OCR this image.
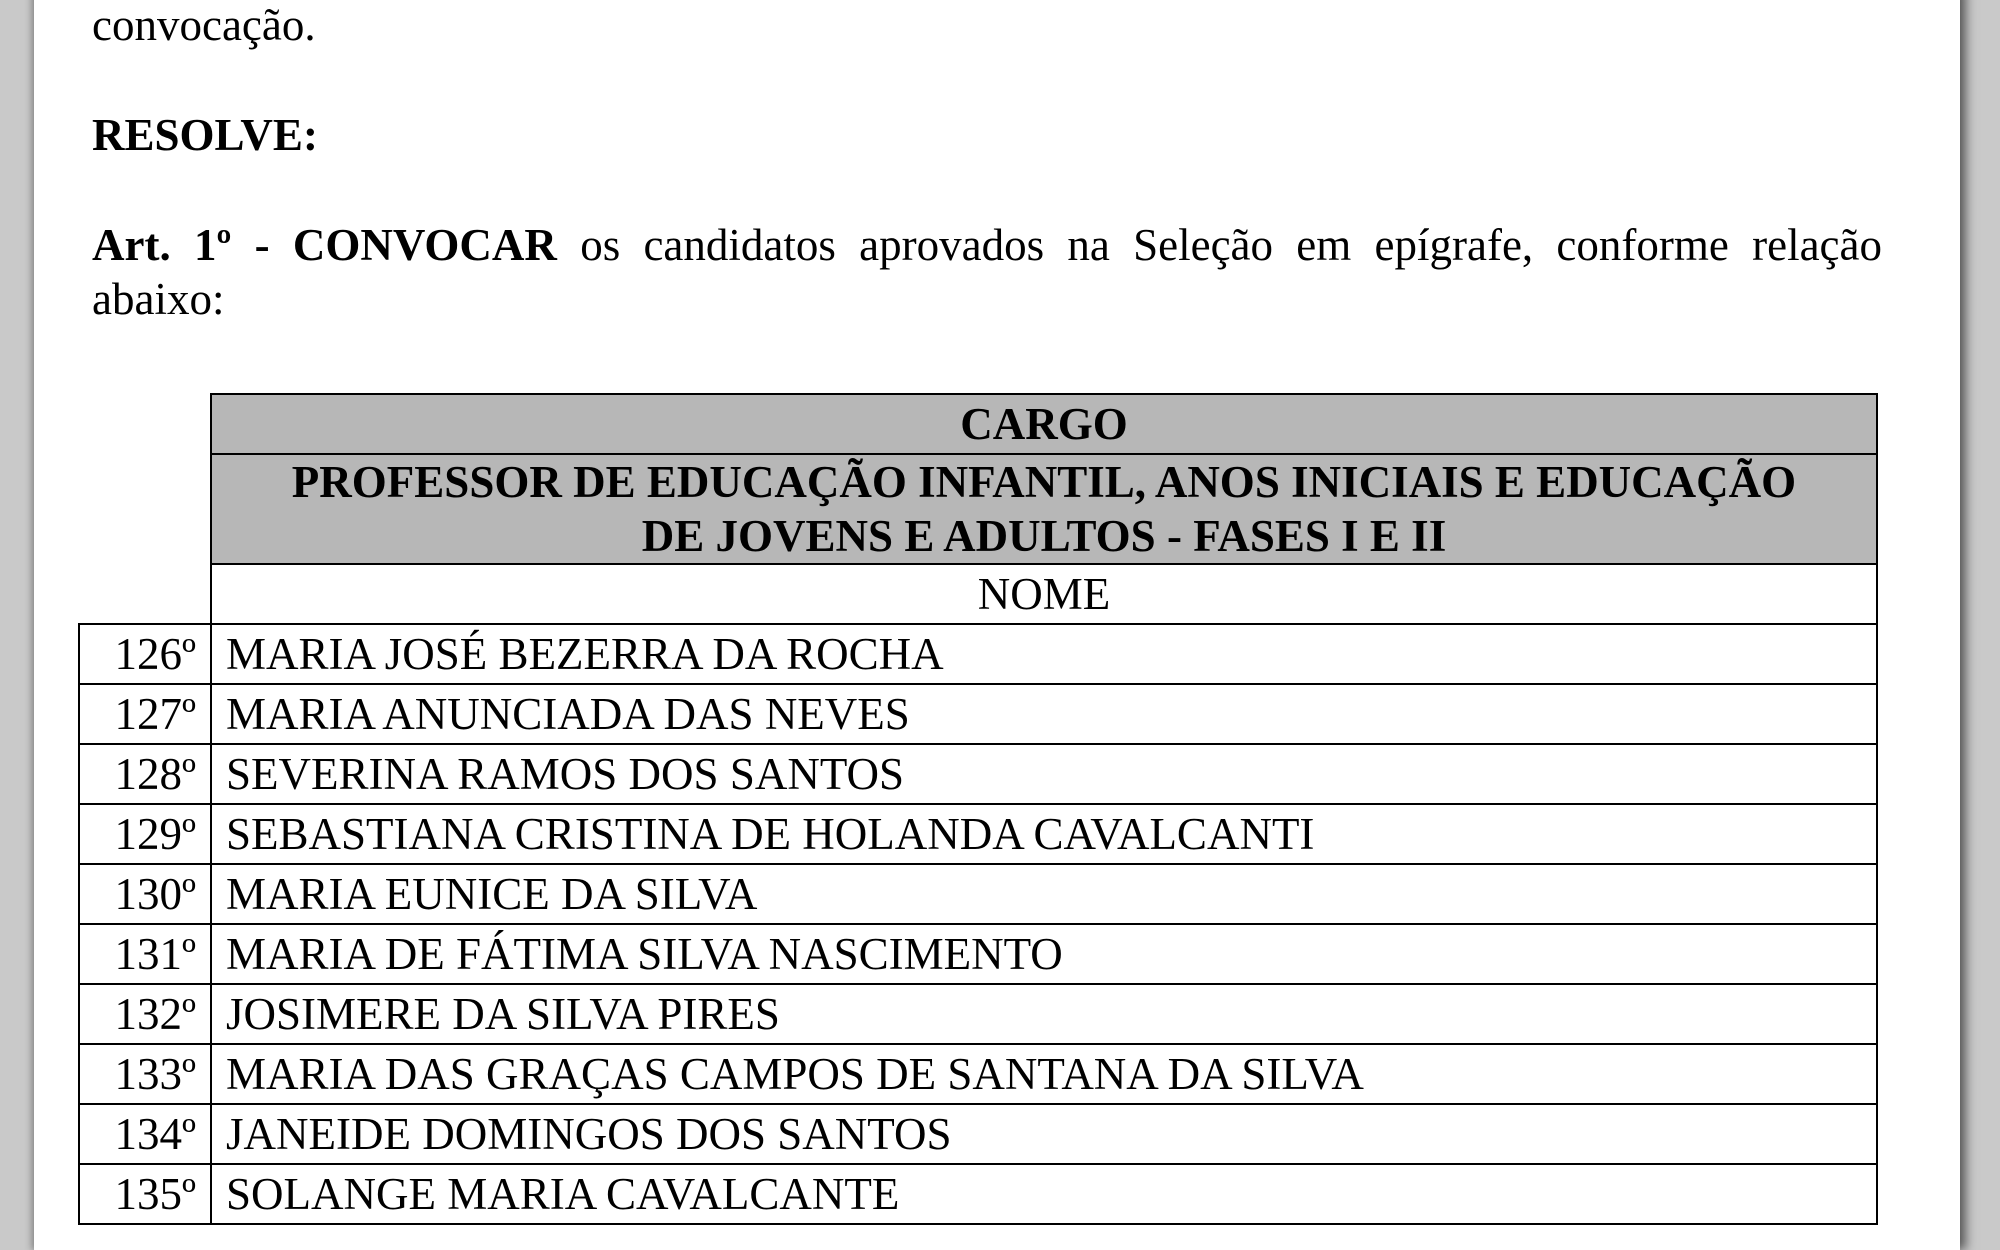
convocação.
RESOLVE:
Art. 1º - CONVOCAR os candidatos aprovados na Seleção em epígrafe, conforme relação
abaixo:
	CARGO

	PROFESSOR DE EDUCAÇÃO INFANTIL, ANOS INICIAIS E EDUCAÇÃO
DE JOVENS E ADULTOS - FASES I E II

	NOME
126º	MARIA JOSÉ BEZERRA DA ROCHA
127º	MARIA ANUNCIADA DAS NEVES
128º	SEVERINA RAMOS DOS SANTOS
129º	SEBASTIANA CRISTINA DE HOLANDA CAVALCANTI
130º	MARIA EUNICE DA SILVA
131º	MARIA DE FÁTIMA SILVA NASCIMENTO
132º	JOSIMERE DA SILVA PIRES
133º	MARIA DAS GRAÇAS CAMPOS DE SANTANA DA SILVA
134º	JANEIDE DOMINGOS DOS SANTOS
135º	SOLANGE MARIA CAVALCANTE
